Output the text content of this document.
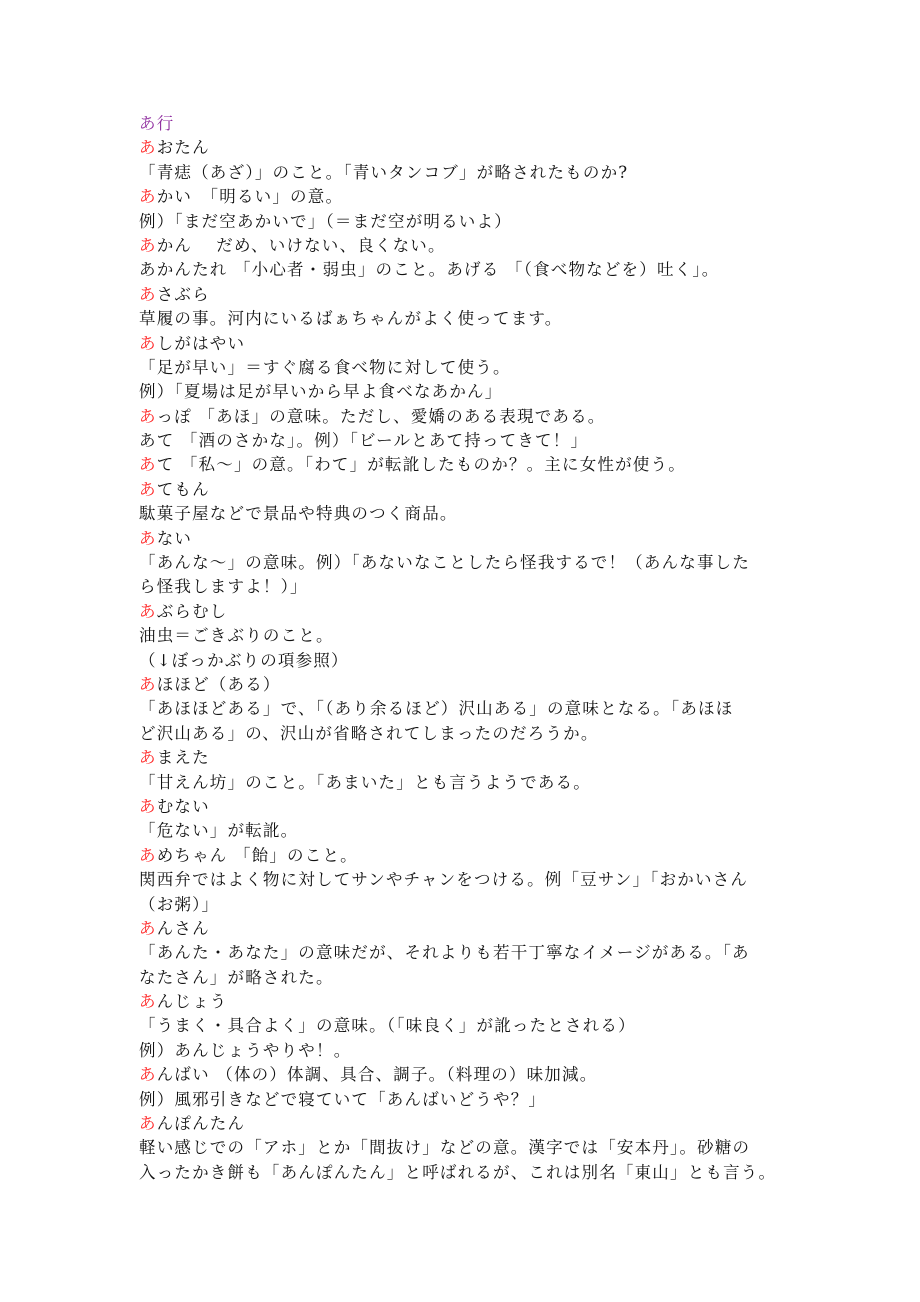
あ行
あおたん
「青痣（あざ）」のこと。「青いタンコブ」が略されたものか?
あかい　「明るい」の意。
例）「まだ空あかいで」（＝まだ空が明るいよ）
あかん　 だめ、いけない、良くない。
あかんたれ 「小心者・弱虫」のこと。あげる 「（食べ物などを）吐く」。
あさぶら
草履の事。河内にいるばぁちゃんがよく使ってます。
あしがはやい
「足が早い」＝すぐ腐る食べ物に対して使う。
例）「夏場は足が早いから早よ食べなあかん」
あっぽ 「あほ」の意味。ただし、愛嬌のある表現である。
あて 「酒のさかな」。例）「ビールとあて持ってきて！」
あて 「私〜」の意。「わて」が転訛したものか？。主に女性が使う。
あてもん
駄菓子屋などで景品や特典のつく商品。
あない
「あんな〜」の意味。例）「あないなことしたら怪我するで！（あんな事した
ら怪我しますよ！）」
あぶらむし
油虫＝ごきぶりのこと。
（↓ぼっかぶりの項参照）
あほほど（ある）
「あほほどある」で、「（あり余るほど）沢山ある」の意味となる。「あほほ
ど沢山ある」の、沢山が省略されてしまったのだろうか。
あまえた
「甘えん坊」のこと。「あまいた」とも言うようである。
あむない
「危ない」が転訛。
あめちゃん 「飴」のこと。
関西弁ではよく物に対してサンやチャンをつける。例「豆サン」「おかいさん
（お粥）」
あんさん
「あんた・あなた」の意味だが、それよりも若干丁寧なイメージがある。「あ
なたさん」が略された。
あんじょう
「うまく・具合よく」の意味。（「味良く」が訛ったとされる）
例）あんじょうやりや！。
あんばい （体の）体調、具合、調子。（料理の）味加減。
例）風邪引きなどで寝ていて「あんばいどうや？」
あんぽんたん
軽い感じでの「アホ」とか「間抜け」などの意。漢字では「安本丹」。砂糖の
入ったかき餅も「あんぽんたん」と呼ばれるが、これは別名「東山」とも言う。
